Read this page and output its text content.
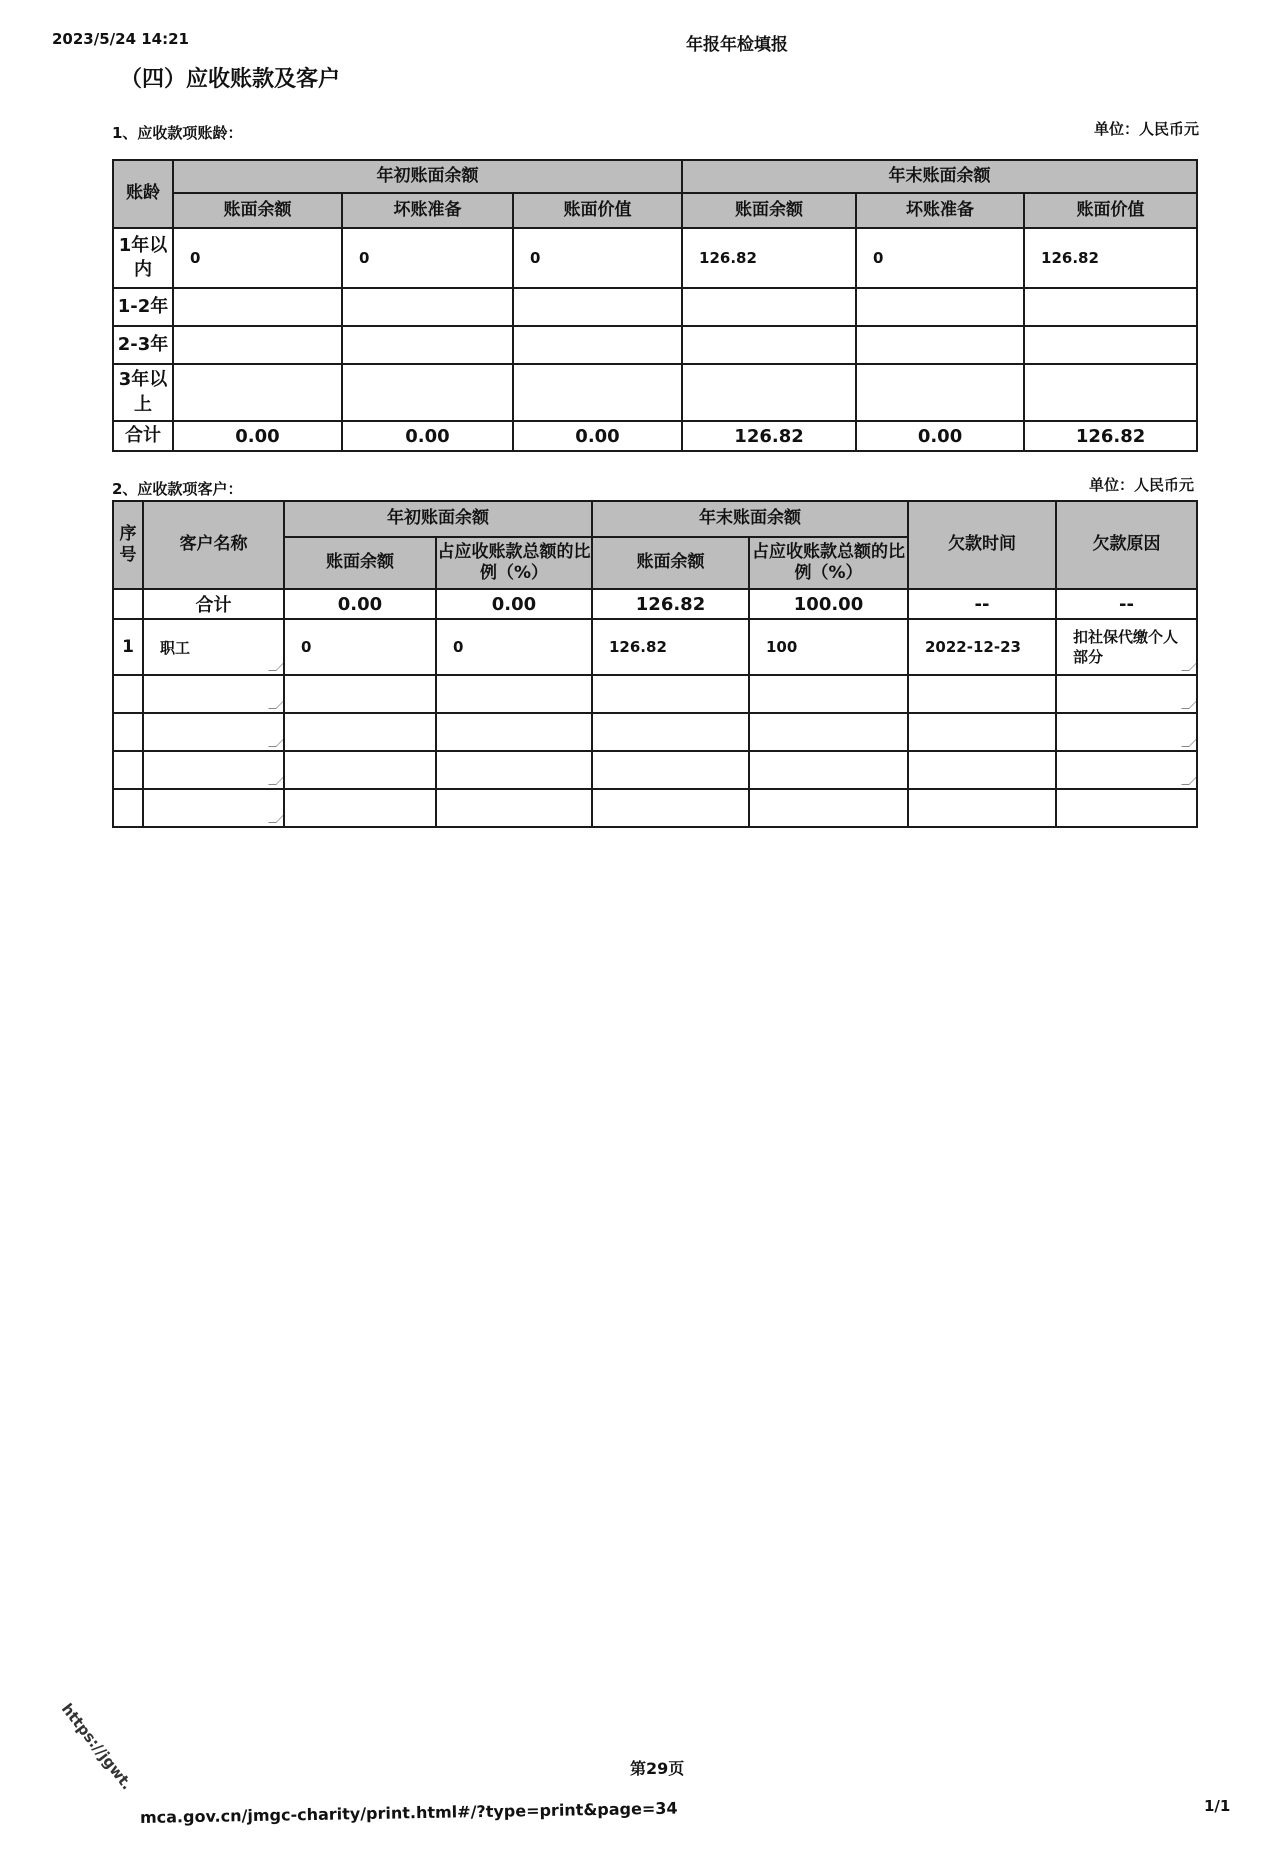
2023/5/24 14:21	年报年检填报
（四）应收账款及客户
1、应收款项账龄：	单位：人民币元
账龄	年初账面余额			年末账面余额		
	账面余额	坏账准备	账面价值	账面余额	坏账准备	账面价值
1年以内	0	0	0	126.82	0	126.82
1-2年						
2-3年						
3年以上						
合计	0.00	0.00	0.00	126.82	0.00	126.82
2、应收款项客户：	单位：人民币元
序号	客户名称	年初账面余额		年末账面余额		欠款时间	欠款原因
		账面余额	占应收账款总额的比例（%）	账面余额	占应收账款总额的比例（%）		
	合计	0.00	0.00	126.82	100.00	--	--
1	职工	0	0	126.82	100	2022-12-23	扣社保代缴个人部分

第29页
https://jgwt.
mca.gov.cn/jmgc-charity/print.html#/?type=print&page=34	1/1
